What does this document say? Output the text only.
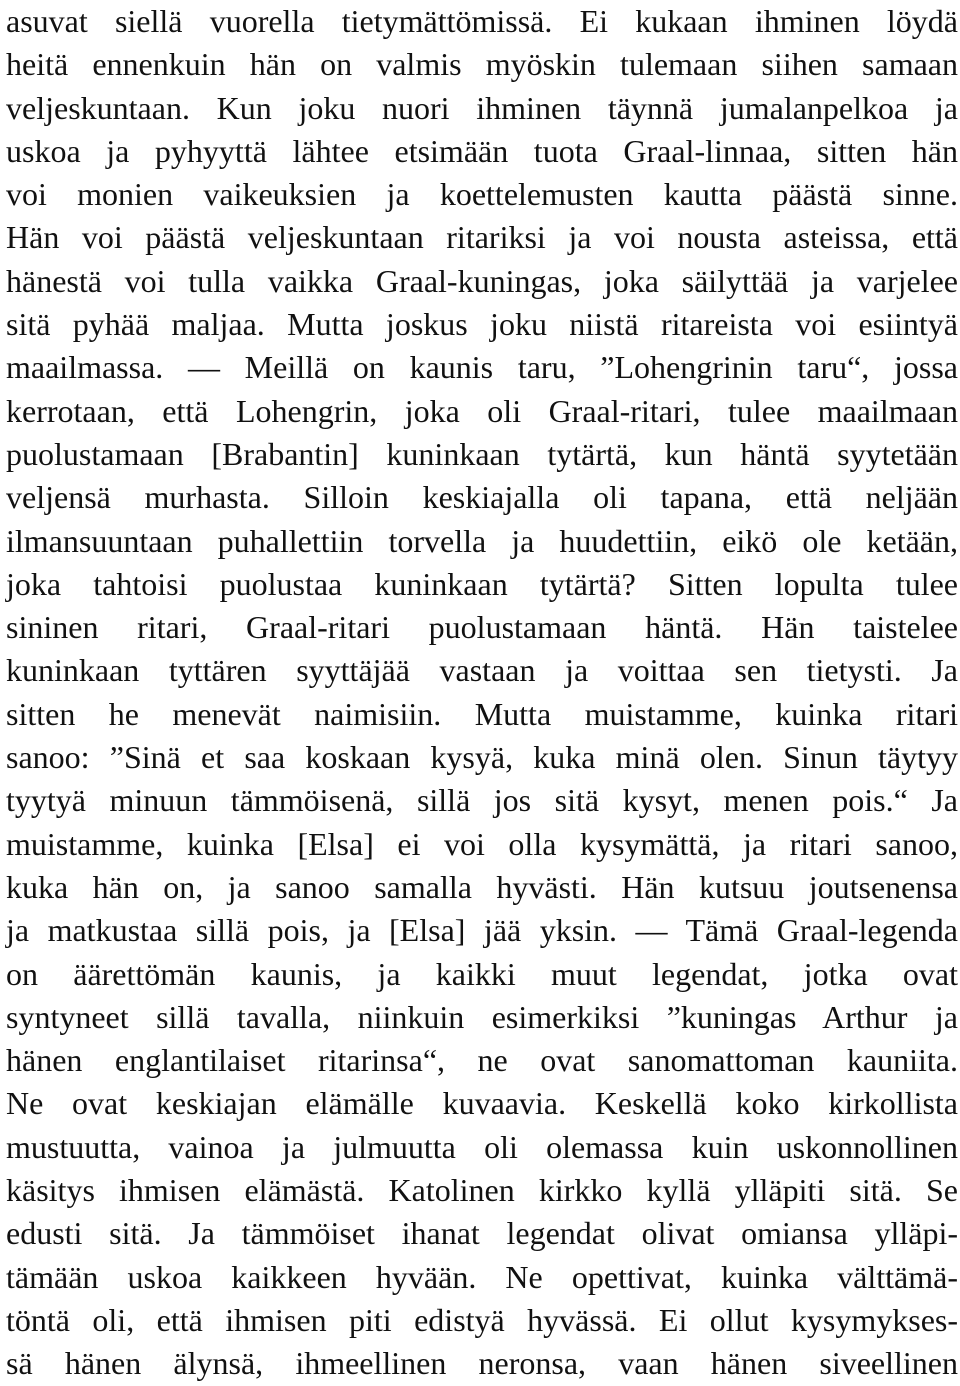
asuvat siellä vuorella tietymättömissä. Ei kukaan ihminen löydä
heitä ennenkuin hän on valmis myöskin tulemaan siihen samaan
veljeskuntaan. Kun joku nuori ihminen täynnä jumalanpelkoa ja
uskoa ja pyhyyttä lähtee etsimään tuota Graal-linnaa, sitten hän
voi monien vaikeuksien ja koettelemusten kautta päästä sinne.
Hän voi päästä veljeskuntaan ritariksi ja voi nousta asteissa, että
hänestä voi tulla vaikka Graal-kuningas, joka säilyttää ja varjelee
sitä pyhää maljaa. Mutta joskus joku niistä ritareista voi esiintyä
maailmassa. — Meillä on kaunis taru, ”Lohengrinin taru“, jossa
kerrotaan, että Lohengrin, joka oli Graal-ritari, tulee maailmaan
puolustamaan [Brabantin] kuninkaan tytärtä, kun häntä syytetään
veljensä murhasta. Silloin keskiajalla oli tapana, että neljään
ilmansuuntaan puhallettiin torvella ja huudettiin, eikö ole ketään,
joka tahtoisi puolustaa kuninkaan tytärtä? Sitten lopulta tulee
sininen ritari, Graal-ritari puolustamaan häntä. Hän taistelee
kuninkaan tyttären syyttäjää vastaan ja voittaa sen tietysti. Ja
sitten he menevät naimisiin. Mutta muistamme, kuinka ritari
sanoo: ”Sinä et saa koskaan kysyä, kuka minä olen. Sinun täytyy
tyytyä minuun tämmöisenä, sillä jos sitä kysyt, menen pois.“ Ja
muistamme, kuinka [Elsa] ei voi olla kysymättä, ja ritari sanoo,
kuka hän on, ja sanoo samalla hyvästi. Hän kutsuu joutsenensa
ja matkustaa sillä pois, ja [Elsa] jää yksin. — Tämä Graal-legenda
on äärettömän kaunis, ja kaikki muut legendat, jotka ovat
syntyneet sillä tavalla, niinkuin esimerkiksi ”kuningas Arthur ja
hänen englantilaiset ritarinsa“, ne ovat sanomattoman kauniita.
Ne ovat keskiajan elämälle kuvaavia. Keskellä koko kirkollista
mustuutta, vainoa ja julmuutta oli olemassa kuin uskonnollinen
käsitys ihmisen elämästä. Katolinen kirkko kyllä ylläpiti sitä. Se
edusti sitä. Ja tämmöiset ihanat legendat olivat omiansa ylläpi-
tämään uskoa kaikkeen hyvään. Ne opettivat, kuinka välttämä-
töntä oli, että ihmisen piti edistyä hyvässä. Ei ollut kysymykses-
sä hänen älynsä, ihmeellinen neronsa, vaan hänen siveellinen
